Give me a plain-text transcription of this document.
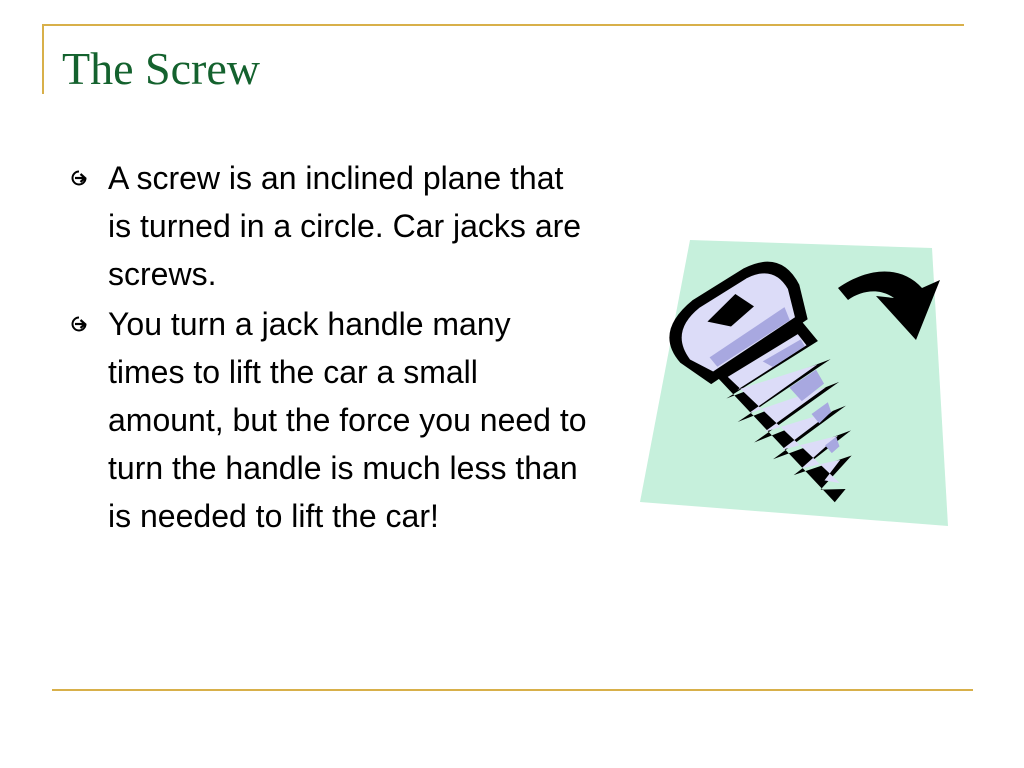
The Screw
A screw is an inclined plane that is turned in a circle. Car jacks are screws.
You turn a jack handle many times to lift the car a small amount, but the force you need to turn the handle is much less than is needed to lift the car!
